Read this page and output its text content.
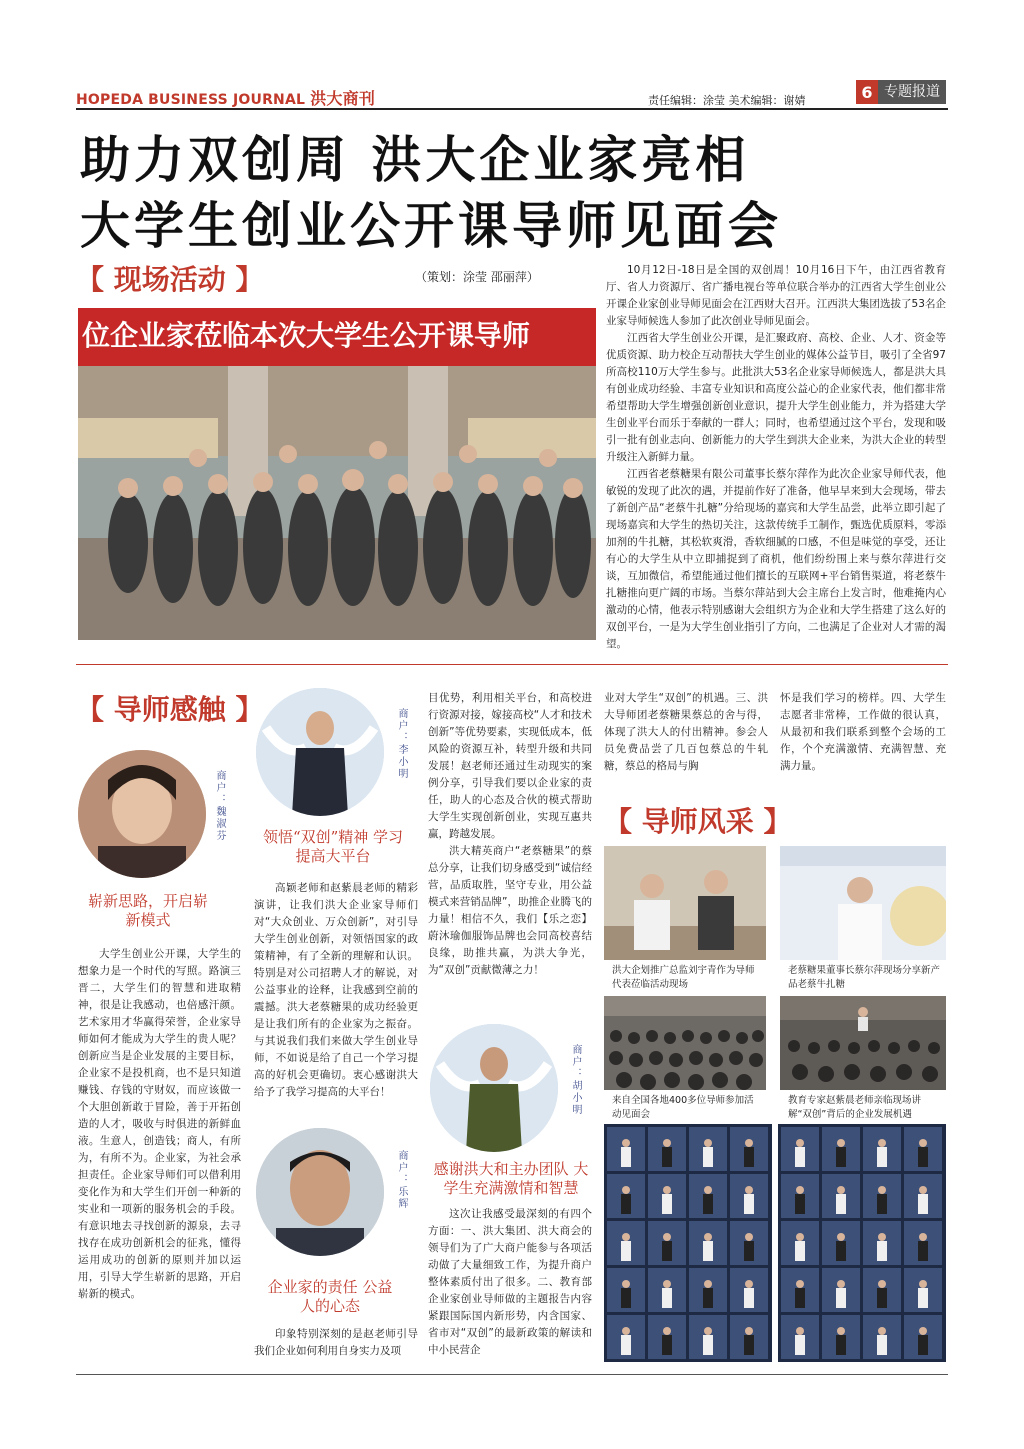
HOPEDA BUSINESS JOURNAL 洪大商刊	责任编辑：涂莹 美术编辑：谢婧	6 专题报道
助力双创周 洪大企业家亮相
大学生创业公开课导师见面会
【 现场活动 】	（策划：涂莹 邵丽萍）
位企业家莅临本次大学生公开课导师

10月12日-18日是全国的双创周！10月16日下午，由江西省教育厅、省人力资源厅、省广播电视台等单位联合举办的江西省大学生创业公开课企业家创业导师见面会在江西财大召开。江西洪大集团选拔了53名企业家导师候选人参加了此次创业导师见面会。

江西省大学生创业公开课，是汇聚政府、高校、企业、人才、资金等优质资源、助力校企互动帮扶大学生创业的媒体公益节目，吸引了全省97所高校110万大学生参与。此批洪大53名企业家导师候选人，都是洪大具有创业成功经验、丰富专业知识和高度公益心的企业家代表，他们都非常希望帮助大学生增强创新创业意识，提升大学生创业能力，并为搭建大学生创业平台而乐于奉献的一群人；同时，也希望通过这个平台，发现和吸引一批有创业志向、创新能力的大学生到洪大企业来，为洪大企业的转型升级注入新鲜力量。

江西省老蔡糖果有限公司董事长蔡尔萍作为此次企业家导师代表，他敏锐的发现了此次的遇，并提前作好了准备，他早早来到大会现场，带去了新创产品“老蔡牛扎糖”分给现场的嘉宾和大学生品尝，此举立即引起了现场嘉宾和大学生的热切关注，这款传统手工制作，甄选优质原料，零添加剂的牛扎糖，其松软爽滑，香软细腻的口感，不但是味觉的享受，还让有心的大学生从中立即捕捉到了商机，他们纷纷围上来与蔡尔萍进行交谈，互加微信，希望能通过他们擅长的互联网+平台销售渠道，将老蔡牛扎糖推向更广阔的市场。当蔡尔萍站到大会主席台上发言时，他难掩内心激动的心情，他表示特别感谢大会组织方为企业和大学生搭建了这么好的双创平台，一是为大学生创业指引了方向，二也满足了企业对人才需的渴望。

【 导师感触 】
商户：魏淑芬
崭新思路，开启崭新模式

大学生创业公开课，大学生的想象力是一个时代的写照。路演三晋二，大学生们的智慧和进取精神，很是让我感动，也倍感汗颜。艺术家用才华赢得荣誉，企业家导师如何才能成为大学生的贵人呢？创新应当是企业发展的主要目标，企业家不是投机商，也不是只知道赚钱、存钱的守财奴，而应该做一个大胆创新敢于冒险，善于开拓创造的人才，吸收与时俱进的新鲜血液。生意人，创造钱；商人，有所为，有所不为。企业家，为社会承担责任。企业家导师们可以借利用变化作为和大学生们开创一种新的实业和一项新的服务机会的手段。有意识地去寻找创新的源泉，去寻找存在成功创新机会的征兆，懂得运用成功的创新的原则并加以运用，引导大学生崭新的思路，开启崭新的模式。

商户：李小明
领悟“双创”精神 学习提高大平台

高颖老师和赵紫晨老师的精彩演讲，让我们洪大企业家导师们对“大众创业、万众创新”，对引导大学生创业创新，对领悟国家的政策精神，有了全新的理解和认识。特别是对公司招聘人才的解说，对公益事业的诠释，让我感到空前的震撼。洪大老蔡糖果的成功经验更是让我们所有的企业家为之振奋。与其说我们我们来做大学生创业导师，不如说是给了自己一个学习提高的好机会更确切。衷心感谢洪大给予了我学习提高的大平台！

商户：乐辉
企业家的责任 公益人的心态

印象特别深刻的是赵老师引导我们企业如何利用自身实力及项

目优势，利用相关平台，和高校进行资源对接，嫁接高校“人才和技术创新”等优势要素，实现低成本，低风险的资源互补，转型升级和共同发展！赵老师还通过生动现实的案例分享，引导我们要以企业家的责任，助人的心态及合伙的模式帮助大学生实现创新创业，实现互惠共赢，跨越发展。

洪大精英商户“老蔡糖果”的蔡总分享，让我们切身感受到“诚信经营，品质取胜，坚守专业，用公益模式来营销品牌”，助推企业腾飞的力量！相信不久，我们【乐之恋】蔚沐瑜伽服饰品牌也会同高校喜结良缘，助推共赢，为洪大争光，为“双创”贡献微薄之力！

商户：胡小明
感谢洪大和主办团队 大学生充满激情和智慧

这次让我感受最深刻的有四个方面：一、洪大集团、洪大商会的领导们为了广大商户能参与各项活动做了大量细致工作，为提升商户整体素质付出了很多。二、教育部企业家创业导师做的主题报告内容紧跟国际国内新形势，内含国家、省市对“双创”的最新政策的解读和中小民营企

业对大学生“双创”的机遇。三、洪大导师团老蔡糖果蔡总的舍与得，体现了洪大人的付出精神。参会人员免费品尝了几百包蔡总的牛轧糖，蔡总的格局与胸

怀是我们学习的榜样。四、大学生志愿者非常棒，工作做的很认真，从最初和我们联系到整个会场的工作，个个充满激情、充满智慧、充满力量。

【 导师风采 】
洪大企划推广总监刘宇青作为导师代表莅临活动现场
老蔡糖果董事长蔡尔萍现场分享新产品老蔡牛扎糖
来自全国各地400多位导师参加活动见面会
教育专家赵紫晨老师亲临现场讲解“双创”背后的企业发展机遇
